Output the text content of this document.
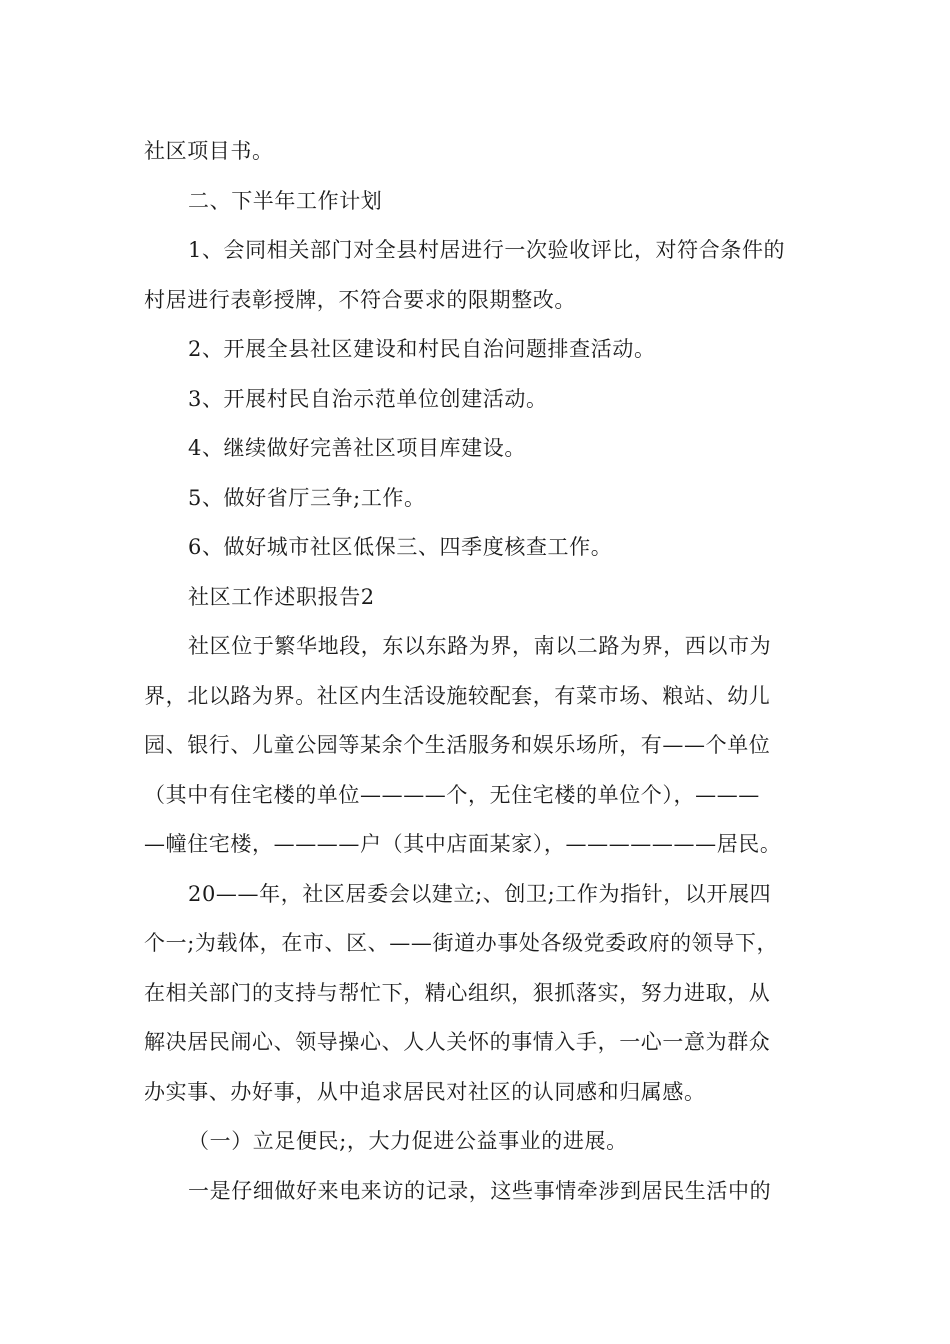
社区项目书。
二、下半年工作计划
1、会同相关部门对全县村居进行一次验收评比，对符合条件的
村居进行表彰授牌，不符合要求的限期整改。
2、开展全县社区建设和村民自治问题排查活动。
3、开展村民自治示范单位创建活动。
4、继续做好完善社区项目库建设。
5、做好省厅三争;工作。
6、做好城市社区低保三、四季度核查工作。
社区工作述职报告2
社区位于繁华地段，东以东路为界，南以二路为界，西以市为
界，北以路为界。社区内生活设施较配套，有菜市场、粮站、幼儿
园、银行、儿童公园等某余个生活服务和娱乐场所，有——个单位
（其中有住宅楼的单位————个，无住宅楼的单位个），———
—幢住宅楼，————户（其中店面某家），———————居民。
20——年，社区居委会以建立;、创卫;工作为指针，以开展四
个一;为载体，在市、区、——街道办事处各级党委政府的领导下，
在相关部门的支持与帮忙下，精心组织，狠抓落实，努力进取，从
解决居民闹心、领导操心、人人关怀的事情入手，一心一意为群众
办实事、办好事，从中追求居民对社区的认同感和归属感。
（一）立足便民;，大力促进公益事业的进展。
一是仔细做好来电来访的记录，这些事情牵涉到居民生活中的
